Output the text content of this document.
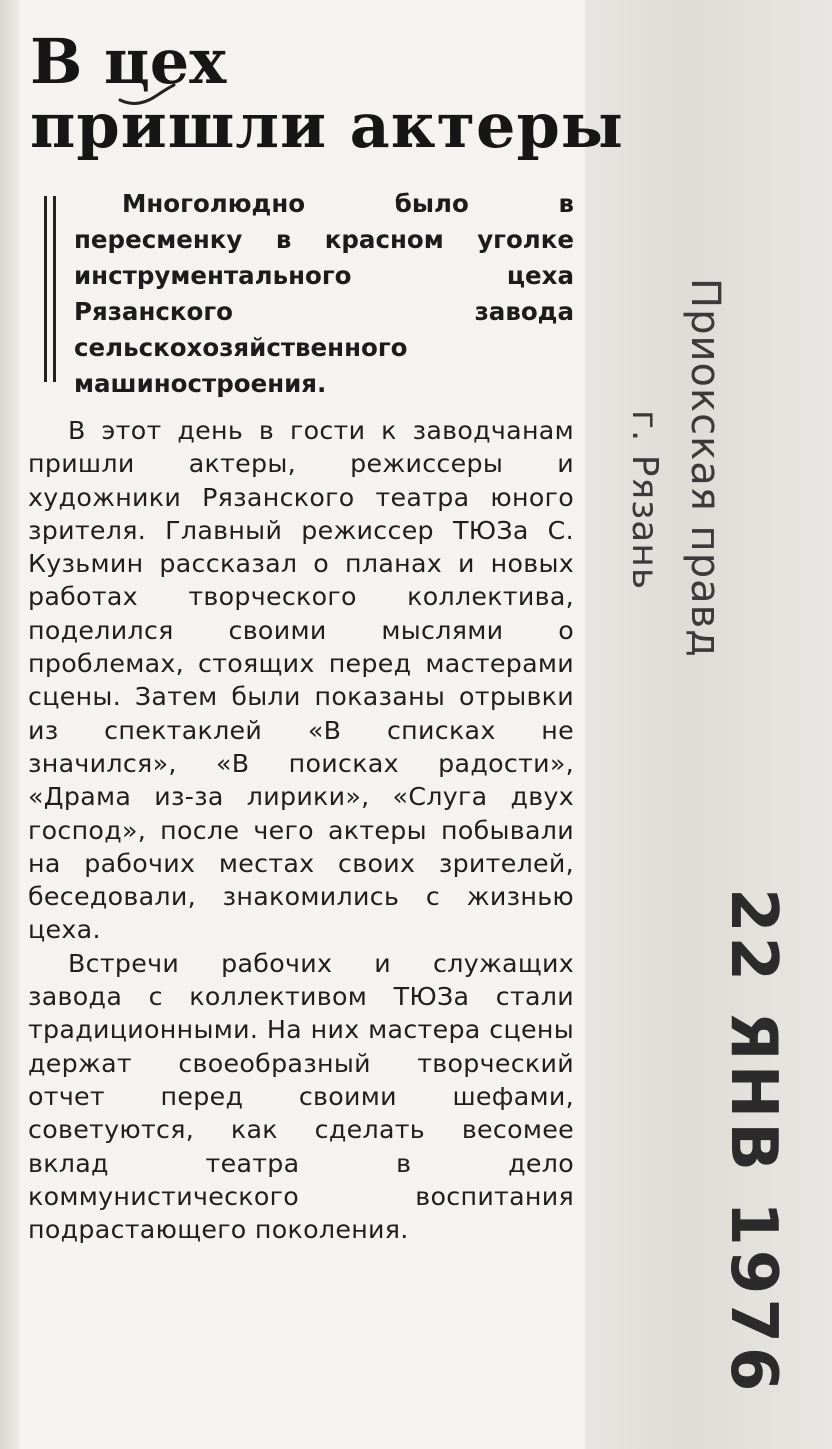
В цех
пришли актеры
Многолюдно было в пересменку в красном уголке инструментального цеха Рязанского завода сельскохозяйственного машиностроения.

В этот день в гости к заводчанам пришли актеры, режиссеры и художники Рязанского театра юного зрителя. Главный режиссер ТЮЗа С. Кузьмин рассказал о планах и новых работах творческого коллектива, поделился своими мыслями о проблемах, стоящих перед мастерами сцены. Затем были показаны отрывки из спектаклей «В списках не значился», «В поисках радости», «Драма из-за лирики», «Слуга двух господ», после чего актеры побывали на рабочих местах своих зрителей, беседовали, знакомились с жизнью цеха.

Встречи рабочих и служащих завода с коллективом ТЮЗа стали традиционными. На них мастера сцены держат своеобразный творческий отчет перед своими шефами, советуются, как сделать весомее вклад театра в дело коммунистического воспитания подрастающего поколения.

Приокская правд
г. Рязань
22 ЯНВ 1976
